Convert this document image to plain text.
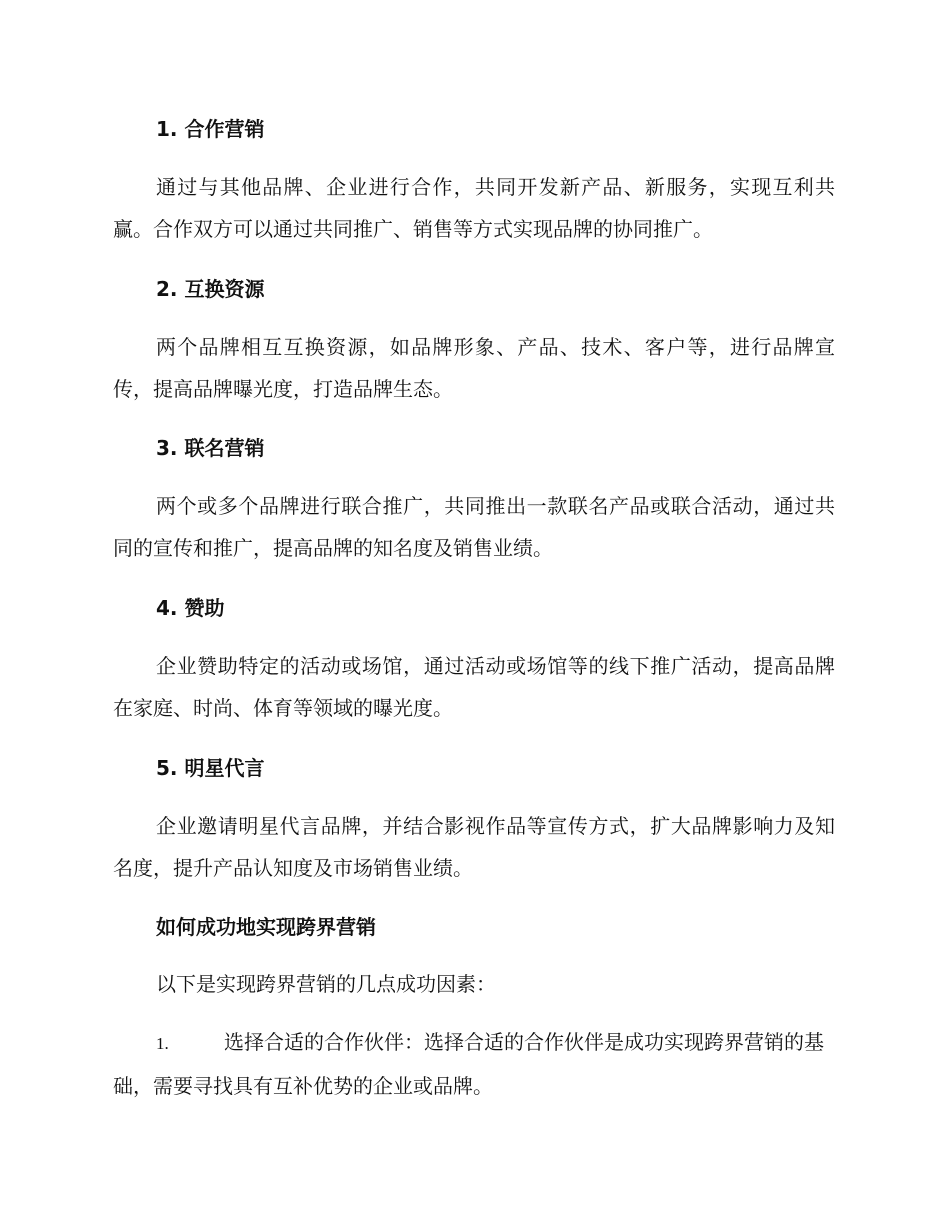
1. 合作营销

通过与其他品牌、企业进行合作，共同开发新产品、新服务，实现互利共赢。合作双方可以通过共同推广、销售等方式实现品牌的协同推广。

2. 互换资源

两个品牌相互互换资源，如品牌形象、产品、技术、客户等，进行品牌宣传，提高品牌曝光度，打造品牌生态。

3. 联名营销

两个或多个品牌进行联合推广，共同推出一款联名产品或联合活动，通过共同的宣传和推广，提高品牌的知名度及销售业绩。

4. 赞助

企业赞助特定的活动或场馆，通过活动或场馆等的线下推广活动，提高品牌在家庭、时尚、体育等领域的曝光度。

5. 明星代言

企业邀请明星代言品牌，并结合影视作品等宣传方式，扩大品牌影响力及知名度，提升产品认知度及市场销售业绩。

如何成功地实现跨界营销
以下是实现跨界营销的几点成功因素：

1.	选择合适的合作伙伴：选择合适的合作伙伴是成功实现跨界营销的基础，需要寻找具有互补优势的企业或品牌。
